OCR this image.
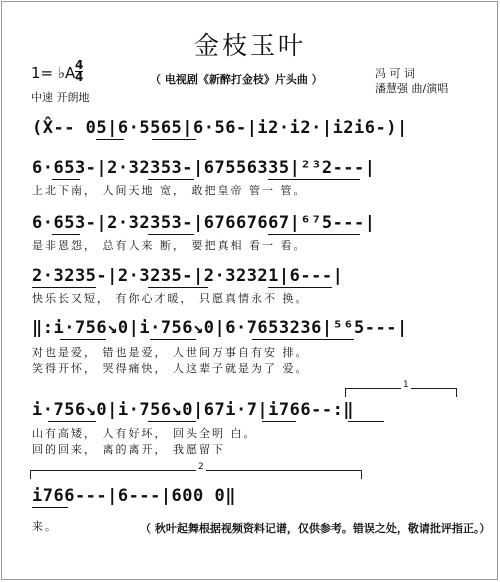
金枝玉叶
（ 电视剧《新醉打金枝》片头曲 ）	冯 可 词
潘慧强 曲/演唱
1= ♭A 4
4
中速 开朗地
(X̂-- 05|6·5565|6·56-|i2·i2·|i2i6-)|
6·653-|2·32353-|67556335|²³2---|
上北下南， 人间天地 宽， 敢把皇帝 管一 管。
6·653-|2·32353-|67667667|⁶⁷5---|
是非恩怨， 总有人来 断， 要把真相 看一 看。
2·3235-|2·3235-|2·32321|6---|
快乐长又短， 有你心才暖， 只愿真情永不 换。
‖:i·756↘0|i·756↘0|6·7653236|⁵⁶5---|
对也是爱， 错也是爱， 人世间万事自有安 排。
笑得开怀， 哭得痛快， 人这辈子就是为了 爱。
1
i·756↘0|i·756↘0|67i·7|i766--:‖
山有高矮， 人有好坏， 回头全明 白。
回的回来， 离的离开， 我愿留下
2
i766---|6---|600 0‖
来。	（ 秋叶起舞根据视频资料记谱，仅供参考。错误之处，敬请批评指正。）
